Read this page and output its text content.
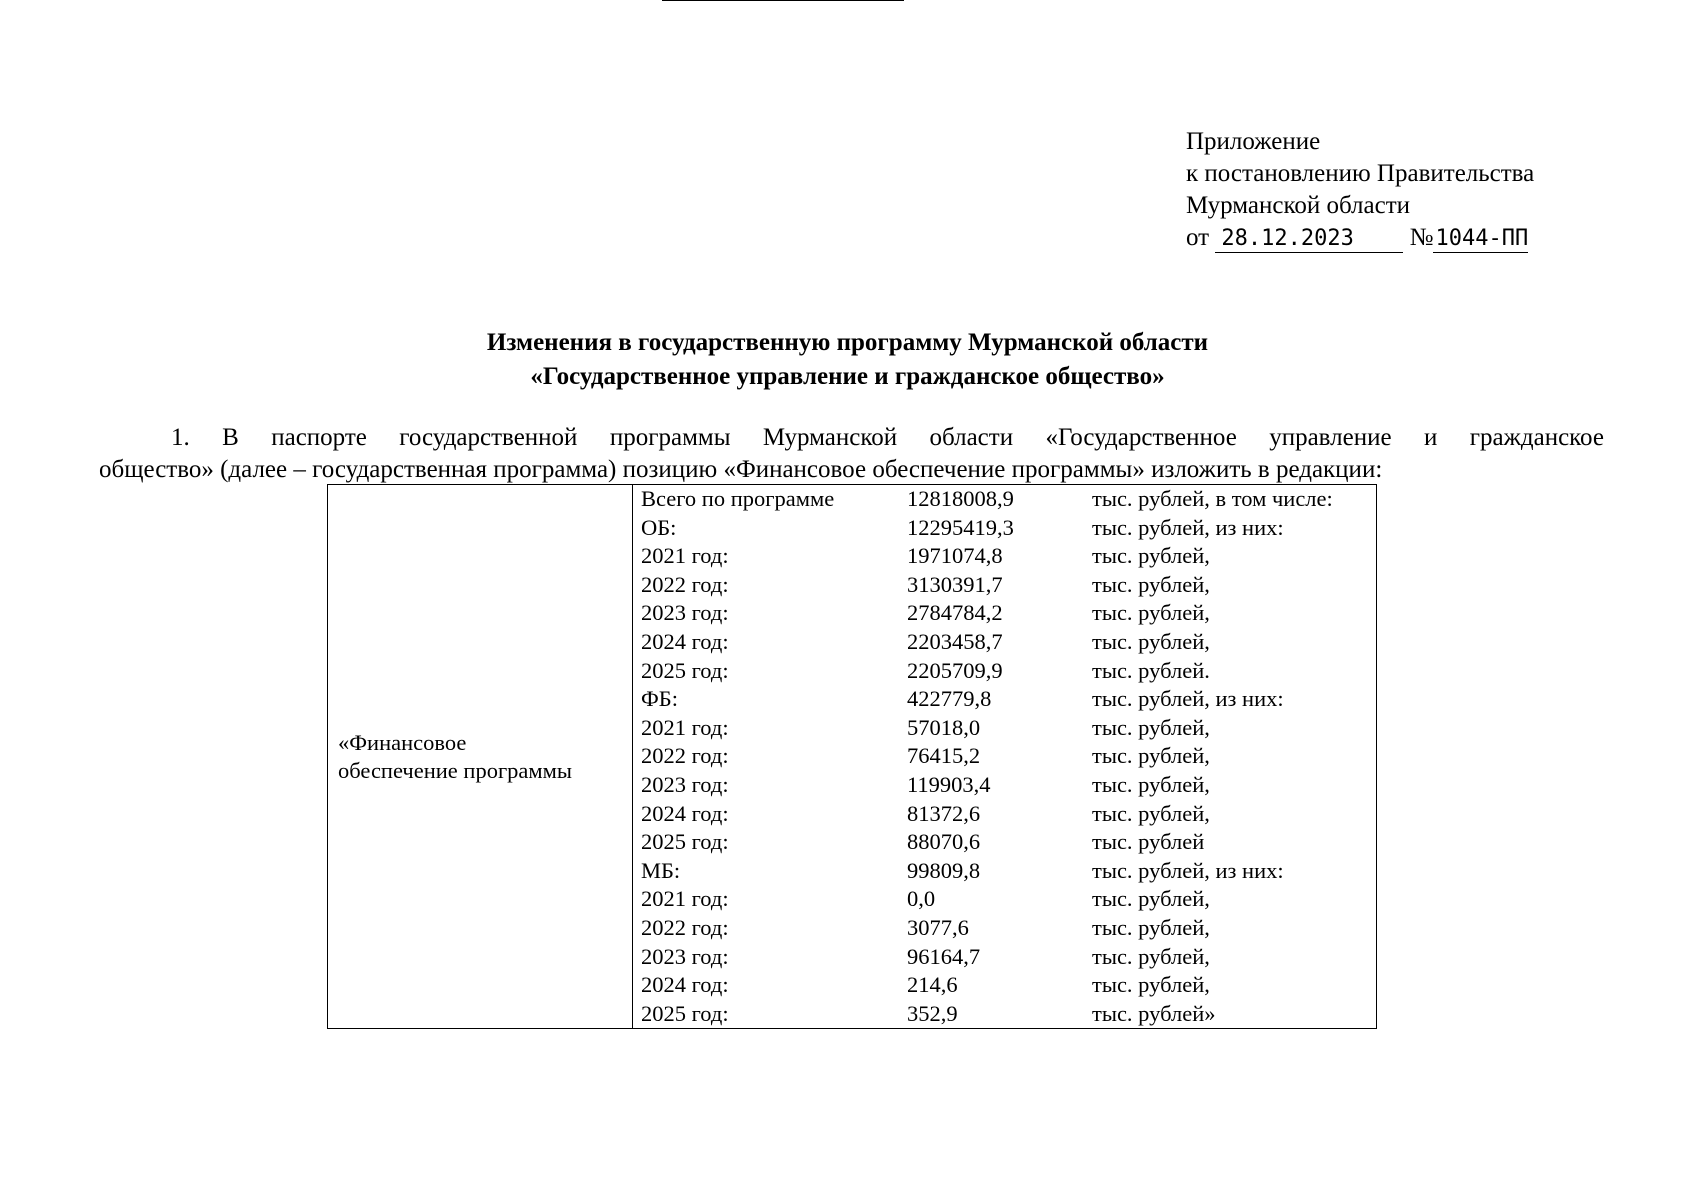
Приложение
к постановлению Правительства
Мурманской области
от 28.12.2023 №1044-ПП
Изменения в государственную программу Мурманской области
«Государственное управление и гражданское общество»
1. В паспорте государственной программы Мурманской области «Государственное управление и гражданское
общество» (далее – государственная программа) позицию «Финансовое обеспечение программы» изложить в редакции:
«Финансовое
обеспечение программы

Всего по программе	12818008,9	тыс. рублей, в том числе:
ОБ:	12295419,3	тыс. рублей, из них:
2021 год:	1971074,8	тыс. рублей,
2022 год:	3130391,7	тыс. рублей,
2023 год:	2784784,2	тыс. рублей,
2024 год:	2203458,7	тыс. рублей,
2025 год:	2205709,9	тыс. рублей.
ФБ:	422779,8	тыс. рублей, из них:
2021 год:	57018,0	тыс. рублей,
2022 год:	76415,2	тыс. рублей,
2023 год:	119903,4	тыс. рублей,
2024 год:	81372,6	тыс. рублей,
2025 год:	88070,6	тыс. рублей
МБ:	99809,8	тыс. рублей, из них:
2021 год:	0,0	тыс. рублей,
2022 год:	3077,6	тыс. рублей,
2023 год:	96164,7	тыс. рублей,
2024 год:	214,6	тыс. рублей,
2025 год:	352,9	тыс. рублей»
